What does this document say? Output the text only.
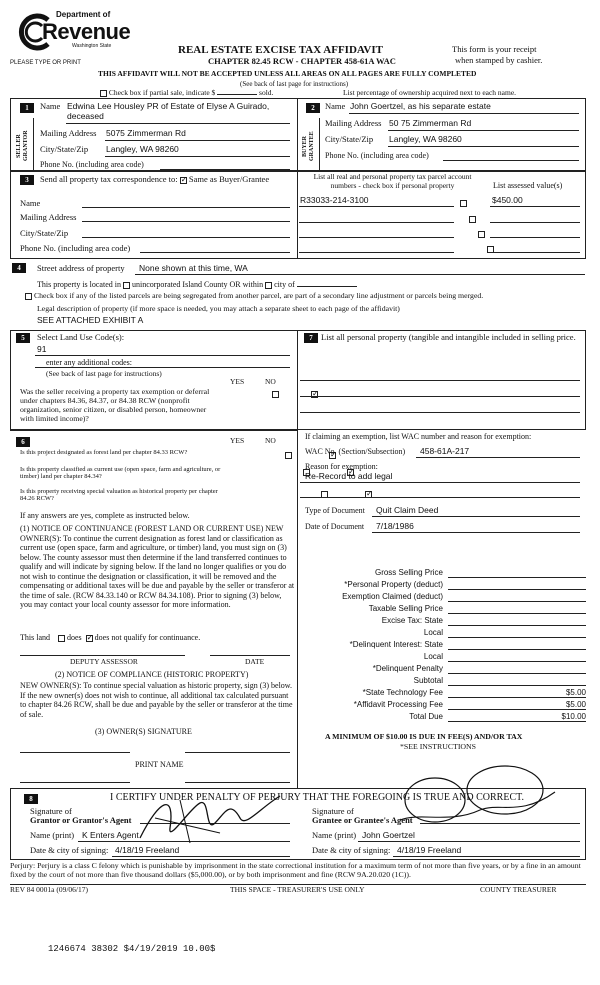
Department of
Revenue
Washington State
PLEASE TYPE OR PRINT
REAL ESTATE EXCISE TAX AFFIDAVIT
CHAPTER 82.45 RCW - CHAPTER 458-61A WAC
This form is your receipt
when stamped by cashier.
THIS AFFIDAVIT WILL NOT BE ACCEPTED UNLESS ALL AREAS ON ALL PAGES ARE FULLY COMPLETED
(See back of last page for instructions)
Check box if partial sale, indicate $	sold.	List percentage of ownership acquired next to each name.
1
SELLER GRANTOR
Name Edwina Lee Housley PR of Estate of Elyse A Guirado,
deceased
Mailing Address 5075 Zimmerman Rd
City/State/Zip Langley, WA 98260
Phone No. (including area code)
2
BUYER GRANTEE
Name John Goertzel, as his separate estate
Mailing Address 50 75 Zimmerman Rd
City/State/Zip Langley, WA 98260
Phone No. (including area code)
3	Send all property tax correspondence to: ✓ Same as Buyer/Grantee
Name
Mailing Address
City/State/Zip
Phone No. (including area code)
List all real and personal property tax parcel account numbers - check box if personal property	List assessed value(s)
R33033-214-3100	$450.00

4	Street address of property None shown at this time, WA
This property is located in unincorporated Island County OR within city of
Check box if any of the listed parcels are being segregated from another parcel, are part of a secondary line adjustment or parcels being merged.
Legal description of property (if more space is needed, you may attach a separate sheet to each page of the affidavit)
SEE ATTACHED EXHIBIT A
5	Select Land Use Code(s):
91
enter any additional codes:
(See back of last page for instructions)
YES	NO
Was the seller receiving a property tax exemption or deferral under chapters 84.36, 84.37, or 84.38 RCW (nonprofit organization, senior citizen, or disabled person, homeowner with limited income)?
✓
7 List all personal property (tangible and intangible included in selling price.
6	YES	NO
Is this project designated as forest land per chapter 84.33 RCW?
✓
Is this property classified as current use (open space, farm and agriculture, or timber) land per chapter 84.34?
✓
Is this property receiving special valuation as historical property per chapter 84.26 RCW?
✓
If any answers are yes, complete as instructed below.
(1) NOTICE OF CONTINUANCE (FOREST LAND OR CURRENT USE) NEW OWNER(S): To continue the current designation as forest land or classification as current use (open space, farm and agriculture, or timber) land, you must sign on (3) below. The county assessor must then determine if the land transferred continues to qualify and will indicate by signing below. If the land no longer qualifies or you do not wish to continue the designation or classification, it will be removed and the compensating or additional taxes will be due and payable by the seller or transferor at the time of sale. (RCW 84.33.140 or RCW 84.34.108). Prior to signing (3) below, you may contact your local county assessor for more information.
This land does ✓ does not qualify for continuance.
DEPUTY ASSESSOR	DATE
(2) NOTICE OF COMPLIANCE (HISTORIC PROPERTY)
NEW OWNER(S): To continue special valuation as historic property, sign (3) below. If the new owner(s) does not wish to continue, all additional tax calculated pursuant to chapter 84.26 RCW, shall be due and payable by the seller or transferor at the time of sale.
(3) OWNER(S) SIGNATURE
PRINT NAME
If claiming an exemption, list WAC number and reason for exemption:
WAC No. (Section/Subsection) 458-61A-217
Reason for exemption:
Re-Record to add legal
Type of Document Quit Claim Deed
Date of Document 7/18/1986
Gross Selling Price
*Personal Property (deduct)
Exemption Claimed (deduct)
Taxable Selling Price
Excise Tax: State
Local
*Delinquent Interest: State
Local
*Delinquent Penalty
Subtotal
*State Technology Fee	$5.00
*Affidavit Processing Fee	$5.00
Total Due	$10.00
A MINIMUM OF $10.00 IS DUE IN FEE(S) AND/OR TAX
*SEE INSTRUCTIONS
8	I CERTIFY UNDER PENALTY OF PERJURY THAT THE FOREGOING IS TRUE AND CORRECT.
Signature of
Grantor or Grantor's Agent
Name (print) K Enters Agent
Date & city of signing: 4/18/19 Freeland
Signature of
Grantee or Grantee's Agent
Name (print) John Goertzel
Date & city of signing: 4/18/19 Freeland
Perjury: Perjury is a class C felony which is punishable by imprisonment in the state correctional institution for a maximum term of not more than five years, or by a fine in an amount fixed by the court of not more than five thousand dollars ($5,000.00), or by both imprisonment and fine (RCW 9A.20.020 (1C)).
REV 84 0001a (09/06/17)	THIS SPACE - TREASURER'S USE ONLY	COUNTY TREASURER
1246674 38302 $4/19/2019 10.00$
